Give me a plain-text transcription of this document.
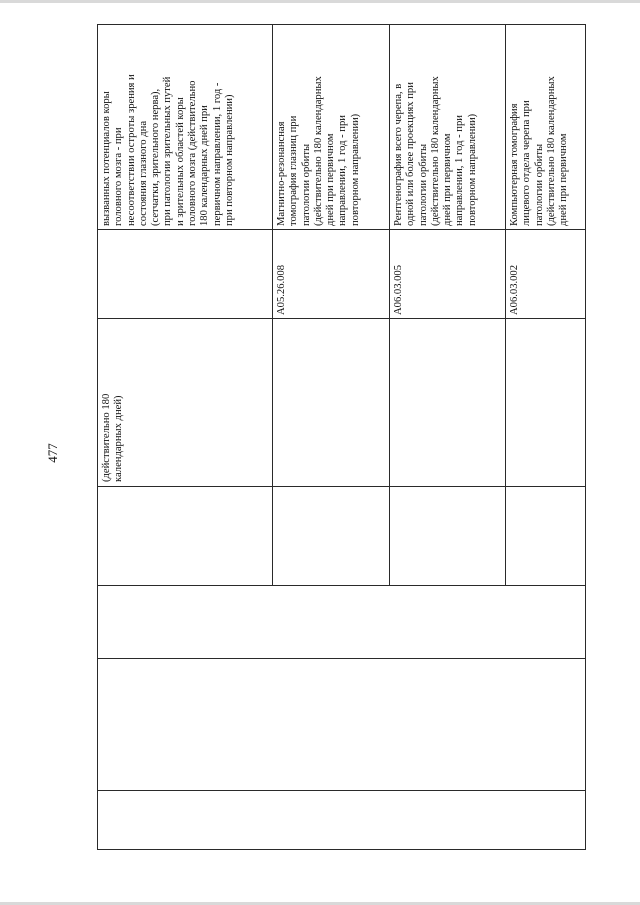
477	(действительно 180
календарных дней)
вызванных потенциалов коры
головного мозга - при
несоответствии остроты зрения и
состояния глазного дна
(сетчатки, зрительного нерва),
при патологии зрительных путей
и зрительных областей коры
головного мозга (действительно
180 календарных дней при
первичном направлении, 1 год -
при повторном направлении)
A05.26.008
Магнитно-резонансная
томография глазниц при
патологии орбиты
(действительно 180 календарных
дней при первичном
направлении, 1 год - при
повторном направлении)
A06.03.005
Рентгенография всего черепа, в
одной или более проекциях при
патологии орбиты
(действительно 180 календарных
дней при первичном
направлении, 1 год - при
повторном направлении)
A06.03.002
Компьютерная томография
лицевого отдела черепа при
патологии орбиты
(действительно 180 календарных
дней при первичном
